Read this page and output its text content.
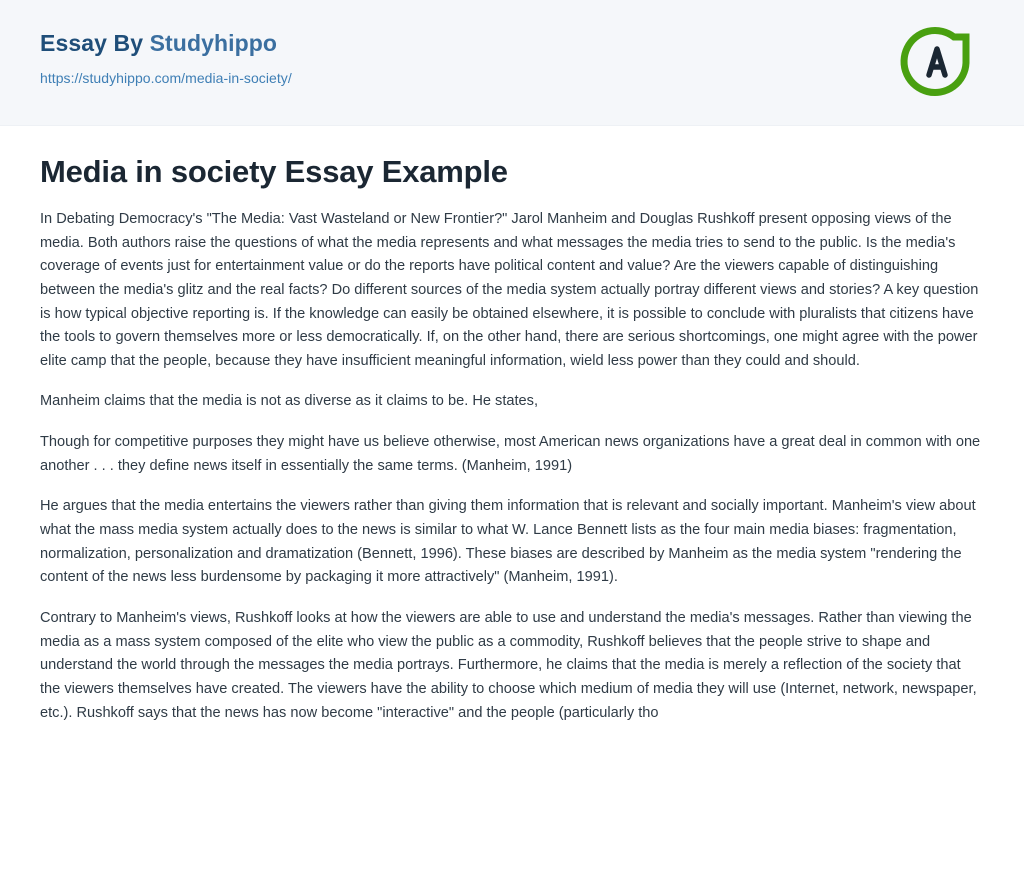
Essay By Studyhippo
https://studyhippo.com/media-in-society/
Media in society Essay Example

In Debating Democracy's "The Media: Vast Wasteland or New Frontier?" Jarol Manheim and Douglas Rushkoff present opposing views of the media. Both authors raise the questions of what the media represents and what messages the media tries to send to the public. Is the media's coverage of events just for entertainment value or do the reports have political content and value? Are the viewers capable of distinguishing between the media's glitz and the real facts? Do different sources of the media system actually portray different views and stories? A key question is how typical objective reporting is. If the knowledge can easily be obtained elsewhere, it is possible to conclude with pluralists that citizens have the tools to govern themselves more or less democratically. If, on the other hand, there are serious shortcomings, one might agree with the power elite camp that the people, because they have insufficient meaningful information, wield less power than they could and should.

Manheim claims that the media is not as diverse as it claims to be. He states,

Though for competitive purposes they might have us believe otherwise, most American news organizations have a great deal in common with one another . . . they define news itself in essentially the same terms. (Manheim, 1991)

He argues that the media entertains the viewers rather than giving them information that is relevant and socially important. Manheim's view about what the mass media system actually does to the news is similar to what W. Lance Bennett lists as the four main media biases: fragmentation, normalization, personalization and dramatization (Bennett, 1996). These biases are described by Manheim as the media system "rendering the content of the news less burdensome by packaging it more attractively" (Manheim, 1991).

Contrary to Manheim's views, Rushkoff looks at how the viewers are able to use and understand the media's messages. Rather than viewing the media as a mass system composed of the elite who view the public as a commodity, Rushkoff believes that the people strive to shape and understand the world through the messages the media portrays. Furthermore, he claims that the media is merely a reflection of the society that the viewers themselves have created. The viewers have the ability to choose which medium of media they will use (Internet, network, newspaper, etc.). Rushkoff says that the news has now become "interactive" and the people (particularly tho
